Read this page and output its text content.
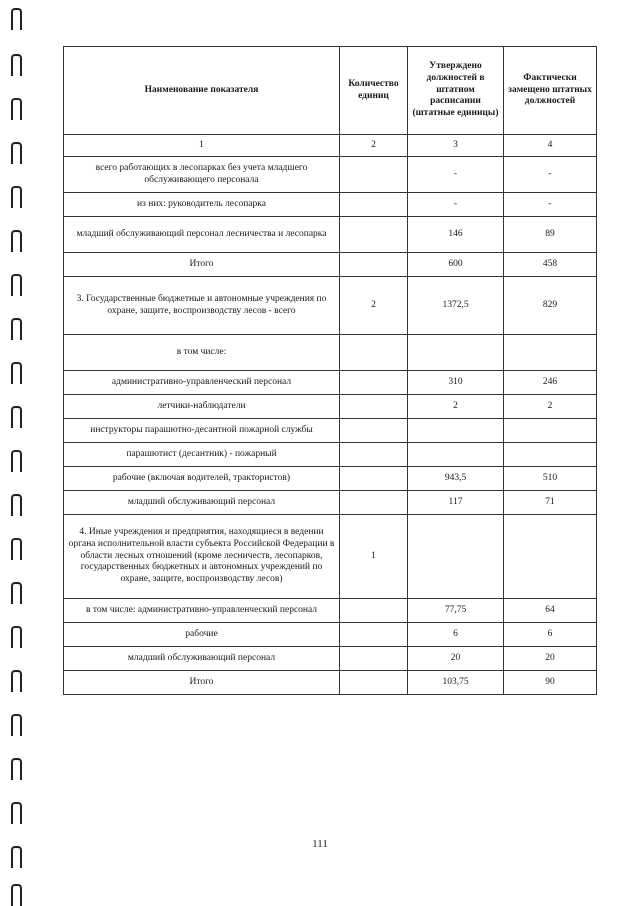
Наименование показателя	Количество единиц	Утверждено должностей в штатном расписании (штатные единицы)	Фактически замещено штатных должностей
1	2	3	4
всего работающих в лесопарках без учета младшего обслуживающего персонала		-	-
из них: руководитель лесопарка		-	-
младший обслуживающий персонал лесничества и лесопарка		146	89
Итого		600	458
3. Государственные бюджетные и автономные учреждения по охране, защите, воспроизводству лесов - всего	2	1372,5	829
в том числе:			
административно-управленческий персонал		310	246
летчики-наблюдатели		2	2
инструкторы парашютно-десантной пожарной службы			
парашютист (десантник) - пожарный			
рабочие (включая водителей, трактористов)		943,5	510
младший обслуживающий персонал		117	71
4. Иные учреждения и предприятия, находящиеся в ведении органа исполнительной власти субъекта Российской Федерации в области лесных отношений (кроме лесничеств, лесопарков, государственных бюджетных и автономных учреждений по охране, защите, воспроизводству лесов)	1		
в том числе: административно-управленческий персонал		77,75	64
рабочие		6	6
младший обслуживающий персонал		20	20
Итого		103,75	90
111
